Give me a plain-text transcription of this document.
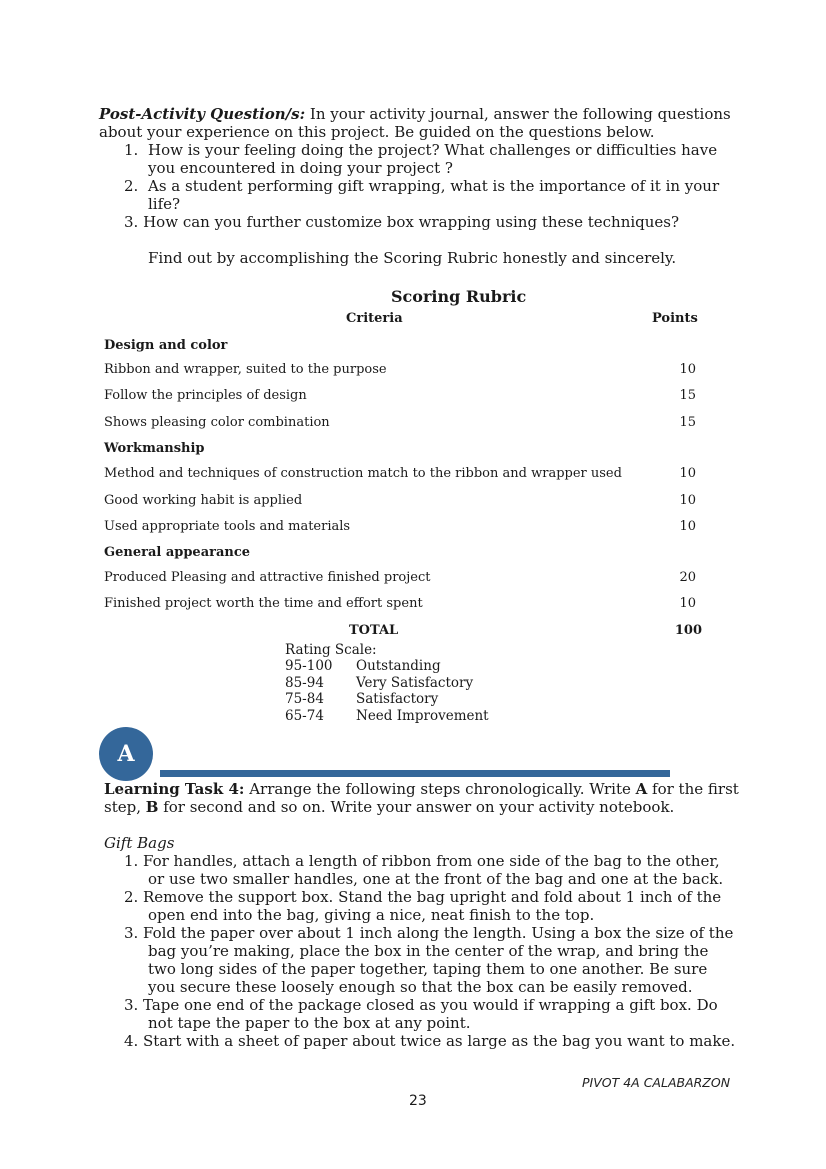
Post-Activity Question/s: In your activity journal, answer the following questions
about your experience on this project. Be guided on the questions below.
1. How is your feeling doing the project? What challenges or difficulties have
you encountered in doing your project ?
2. As a student performing gift wrapping, what is the importance of it in your
life?
3. How can you further customize box wrapping using these techniques?
Find out by accomplishing the Scoring Rubric honestly and sincerely.
Scoring Rubric
Criteria	Points
Design and color
Ribbon and wrapper, suited to the purpose	10
Follow the principles of design	15
Shows pleasing color combination	15
Workmanship
Method and techniques of construction match to the ribbon and wrapper used	10
Good working habit is applied	10
Used appropriate tools and materials	10
General appearance
Produced Pleasing and attractive finished project	20
Finished project worth the time and effort spent	10
TOTAL	100
Rating Scale:
95-100 Outstanding
85-94 Very Satisfactory
75-84 Satisfactory
65-74 Need Improvement
A
Learning Task 4: Arrange the following steps chronologically. Write A for the first
step, B for second and so on. Write your answer on your activity notebook.
Gift Bags
1. For handles, attach a length of ribbon from one side of the bag to the other,
or use two smaller handles, one at the front of the bag and one at the back.
2. Remove the support box. Stand the bag upright and fold about 1 inch of the
open end into the bag, giving a nice, neat finish to the top.
3. Fold the paper over about 1 inch along the length. Using a box the size of the
bag you’re making, place the box in the center of the wrap, and bring the
two long sides of the paper together, taping them to one another. Be sure
you secure these loosely enough so that the box can be easily removed.
3. Tape one end of the package closed as you would if wrapping a gift box. Do
not tape the paper to the box at any point.
4. Start with a sheet of paper about twice as large as the bag you want to make.
PIVOT 4A CALABARZON
23
